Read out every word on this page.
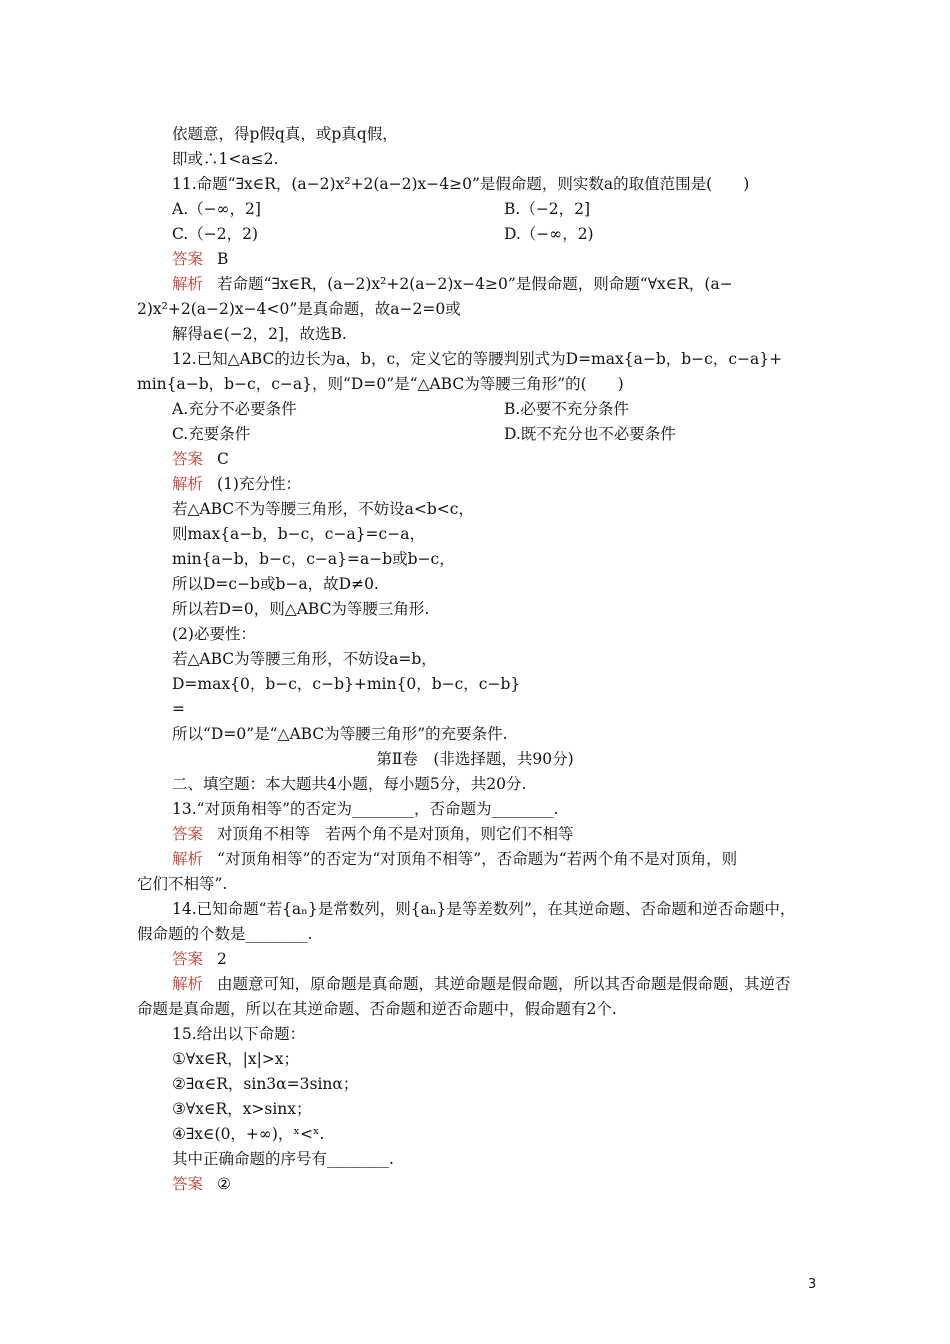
依题意，得p假q真，或p真q假，
即或∴1<a≤2.
11.命题“∃x∈R，(a−2)x²+2(a−2)x−4≥0”是假命题，则实数a的取值范围是(　　)
A.（−∞，2]	B.（−2，2]
C.（−2，2)	D.（−∞，2)
答案 B
解析 若命题“∃x∈R，(a−2)x²+2(a−2)x−4≥0”是假命题，则命题“∀x∈R，(a−
2)x²+2(a−2)x−4<0”是真命题，故a−2=0或
解得a∈(−2，2]，故选B.
12.已知△ABC的边长为a，b，c，定义它的等腰判别式为D=max{a−b，b−c，c−a}+
min{a−b，b−c，c−a}，则“D=0”是“△ABC为等腰三角形”的(　　)
A.充分不必要条件	B.必要不充分条件
C.充要条件	D.既不充分也不必要条件
答案 C
解析 (1)充分性：
若△ABC不为等腰三角形，不妨设a<b<c，
则max{a−b，b−c，c−a}=c−a，
min{a−b，b−c，c−a}=a−b或b−c，
所以D=c−b或b−a，故D≠0.
所以若D=0，则△ABC为等腰三角形.
(2)必要性：
若△ABC为等腰三角形，不妨设a=b，
D=max{0，b−c，c−b}+min{0，b−c，c−b}
=
所以“D=0”是“△ABC为等腰三角形”的充要条件.
第Ⅱ卷　(非选择题，共90分)
二、填空题：本大题共4小题，每小题5分，共20分.
13.“对顶角相等”的否定为________，否命题为________.
答案 对顶角不相等　若两个角不是对顶角，则它们不相等
解析 “对顶角相等”的否定为“对顶角不相等”，否命题为“若两个角不是对顶角，则
它们不相等”.
14.已知命题“若{aₙ}是常数列，则{aₙ}是等差数列”，在其逆命题、否命题和逆否命题中，
假命题的个数是________.
答案 2
解析 由题意可知，原命题是真命题，其逆命题是假命题，所以其否命题是假命题，其逆否
命题是真命题，所以在其逆命题、否命题和逆否命题中，假命题有2个.
15.给出以下命题：
①∀x∈R，|x|>x；
②∃α∈R，sin3α=3sinα；
③∀x∈R，x>sinx；
④∃x∈(0，+∞)，ˣ<ˣ.
其中正确命题的序号有________.
答案 ②
3
